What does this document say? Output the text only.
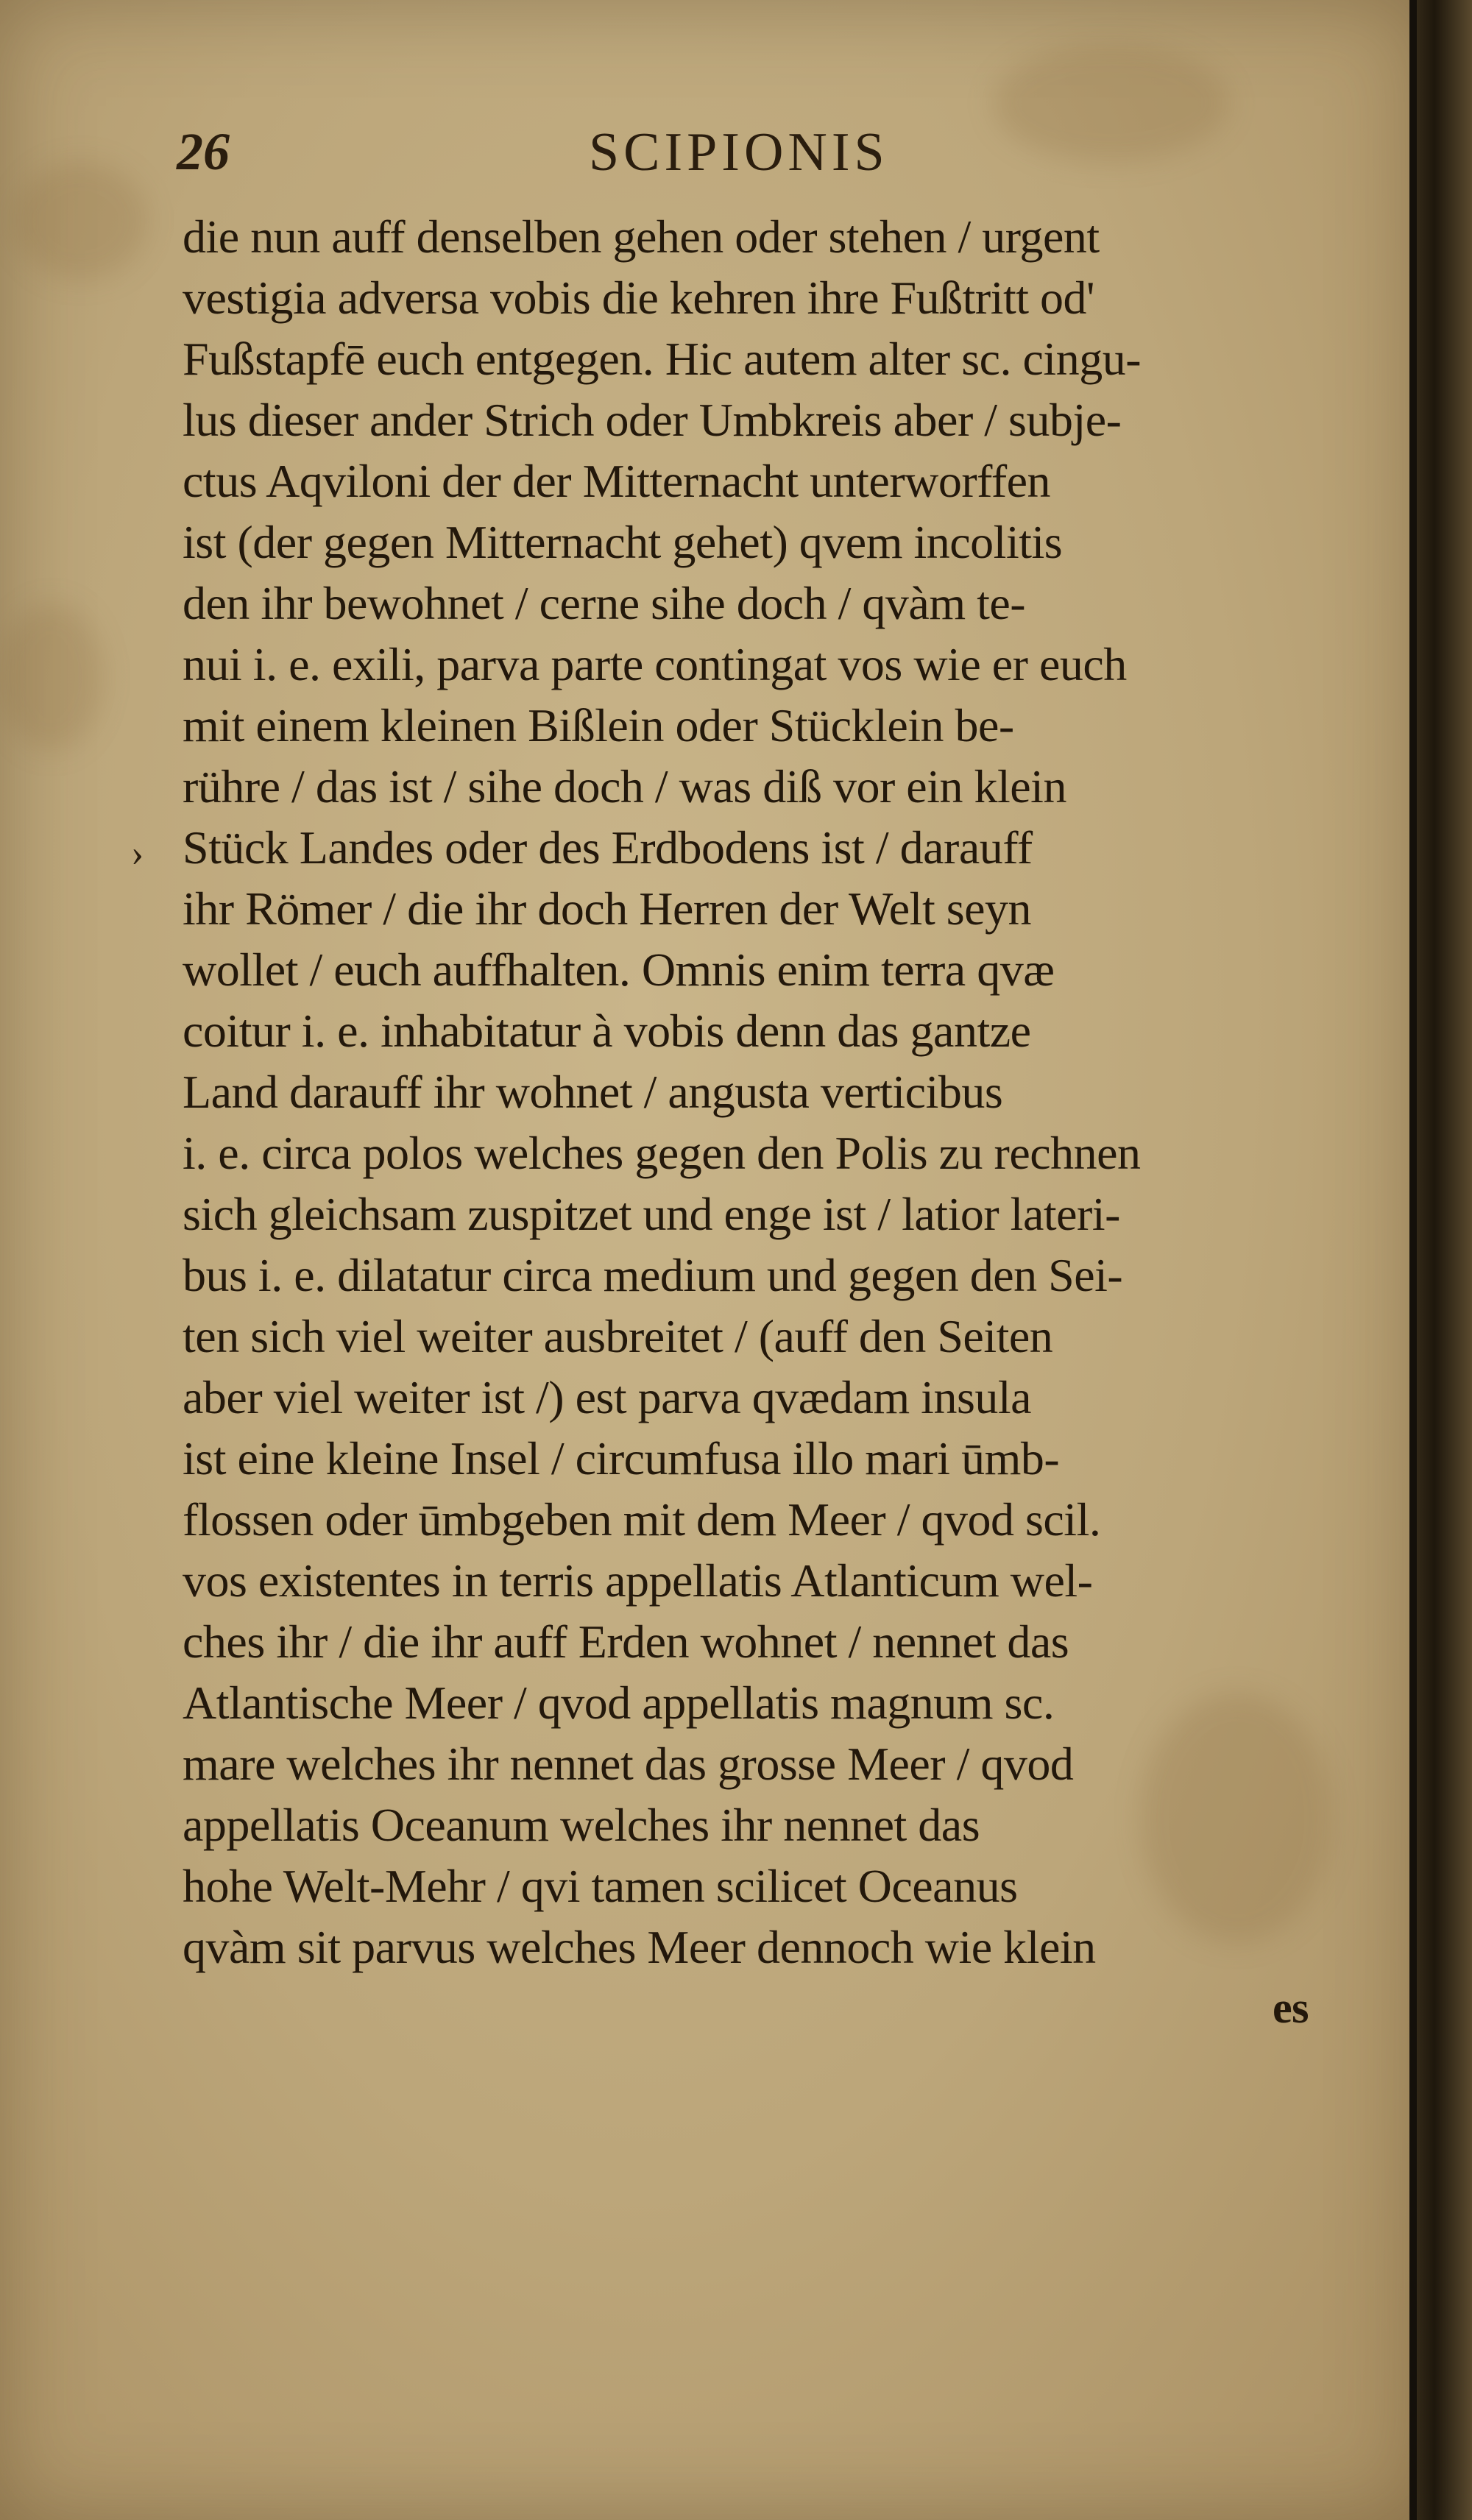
26	SCIPIONIS
›
die nun auff denselben gehen oder stehen / urgent
vestigia adversa vobis die kehren ihre Fußtritt od'
Fußstapfē euch entgegen. Hic autem alter sc. cingu-
lus dieser ander Strich oder Umbkreis aber / subje-
ctus Aqviloni der der Mitternacht unterworffen
ist (der gegen Mitternacht gehet) qvem incolitis
den ihr bewohnet / cerne sihe doch / qvàm te-
nui i. e. exili, parva parte contingat vos wie er euch
mit einem kleinen Bißlein oder Stücklein be-
rühre / das ist / sihe doch / was diß vor ein klein
Stück Landes oder des Erdbodens ist / darauff
ihr Römer / die ihr doch Herren der Welt seyn
wollet / euch auffhalten. Omnis enim terra qvæ
coitur i. e. inhabitatur à vobis denn das gantze
Land darauff ihr wohnet / angusta verticibus
i. e. circa polos welches gegen den Polis zu rechnen
sich gleichsam zuspitzet und enge ist / latior lateri-
bus i. e. dilatatur circa medium und gegen den Sei-
ten sich viel weiter ausbreitet / (auff den Seiten
aber viel weiter ist /) est parva qvædam insula
ist eine kleine Insel / circumfusa illo mari ūmb-
flossen oder ūmbgeben mit dem Meer / qvod scil.
vos existentes in terris appellatis Atlanticum wel-
ches ihr / die ihr auff Erden wohnet / nennet das
Atlantische Meer / qvod appellatis magnum sc.
mare welches ihr nennet das grosse Meer / qvod
appellatis Oceanum welches ihr nennet das
hohe Welt-Mehr / qvi tamen scilicet Oceanus
qvàm sit parvus welches Meer dennoch wie klein
es
